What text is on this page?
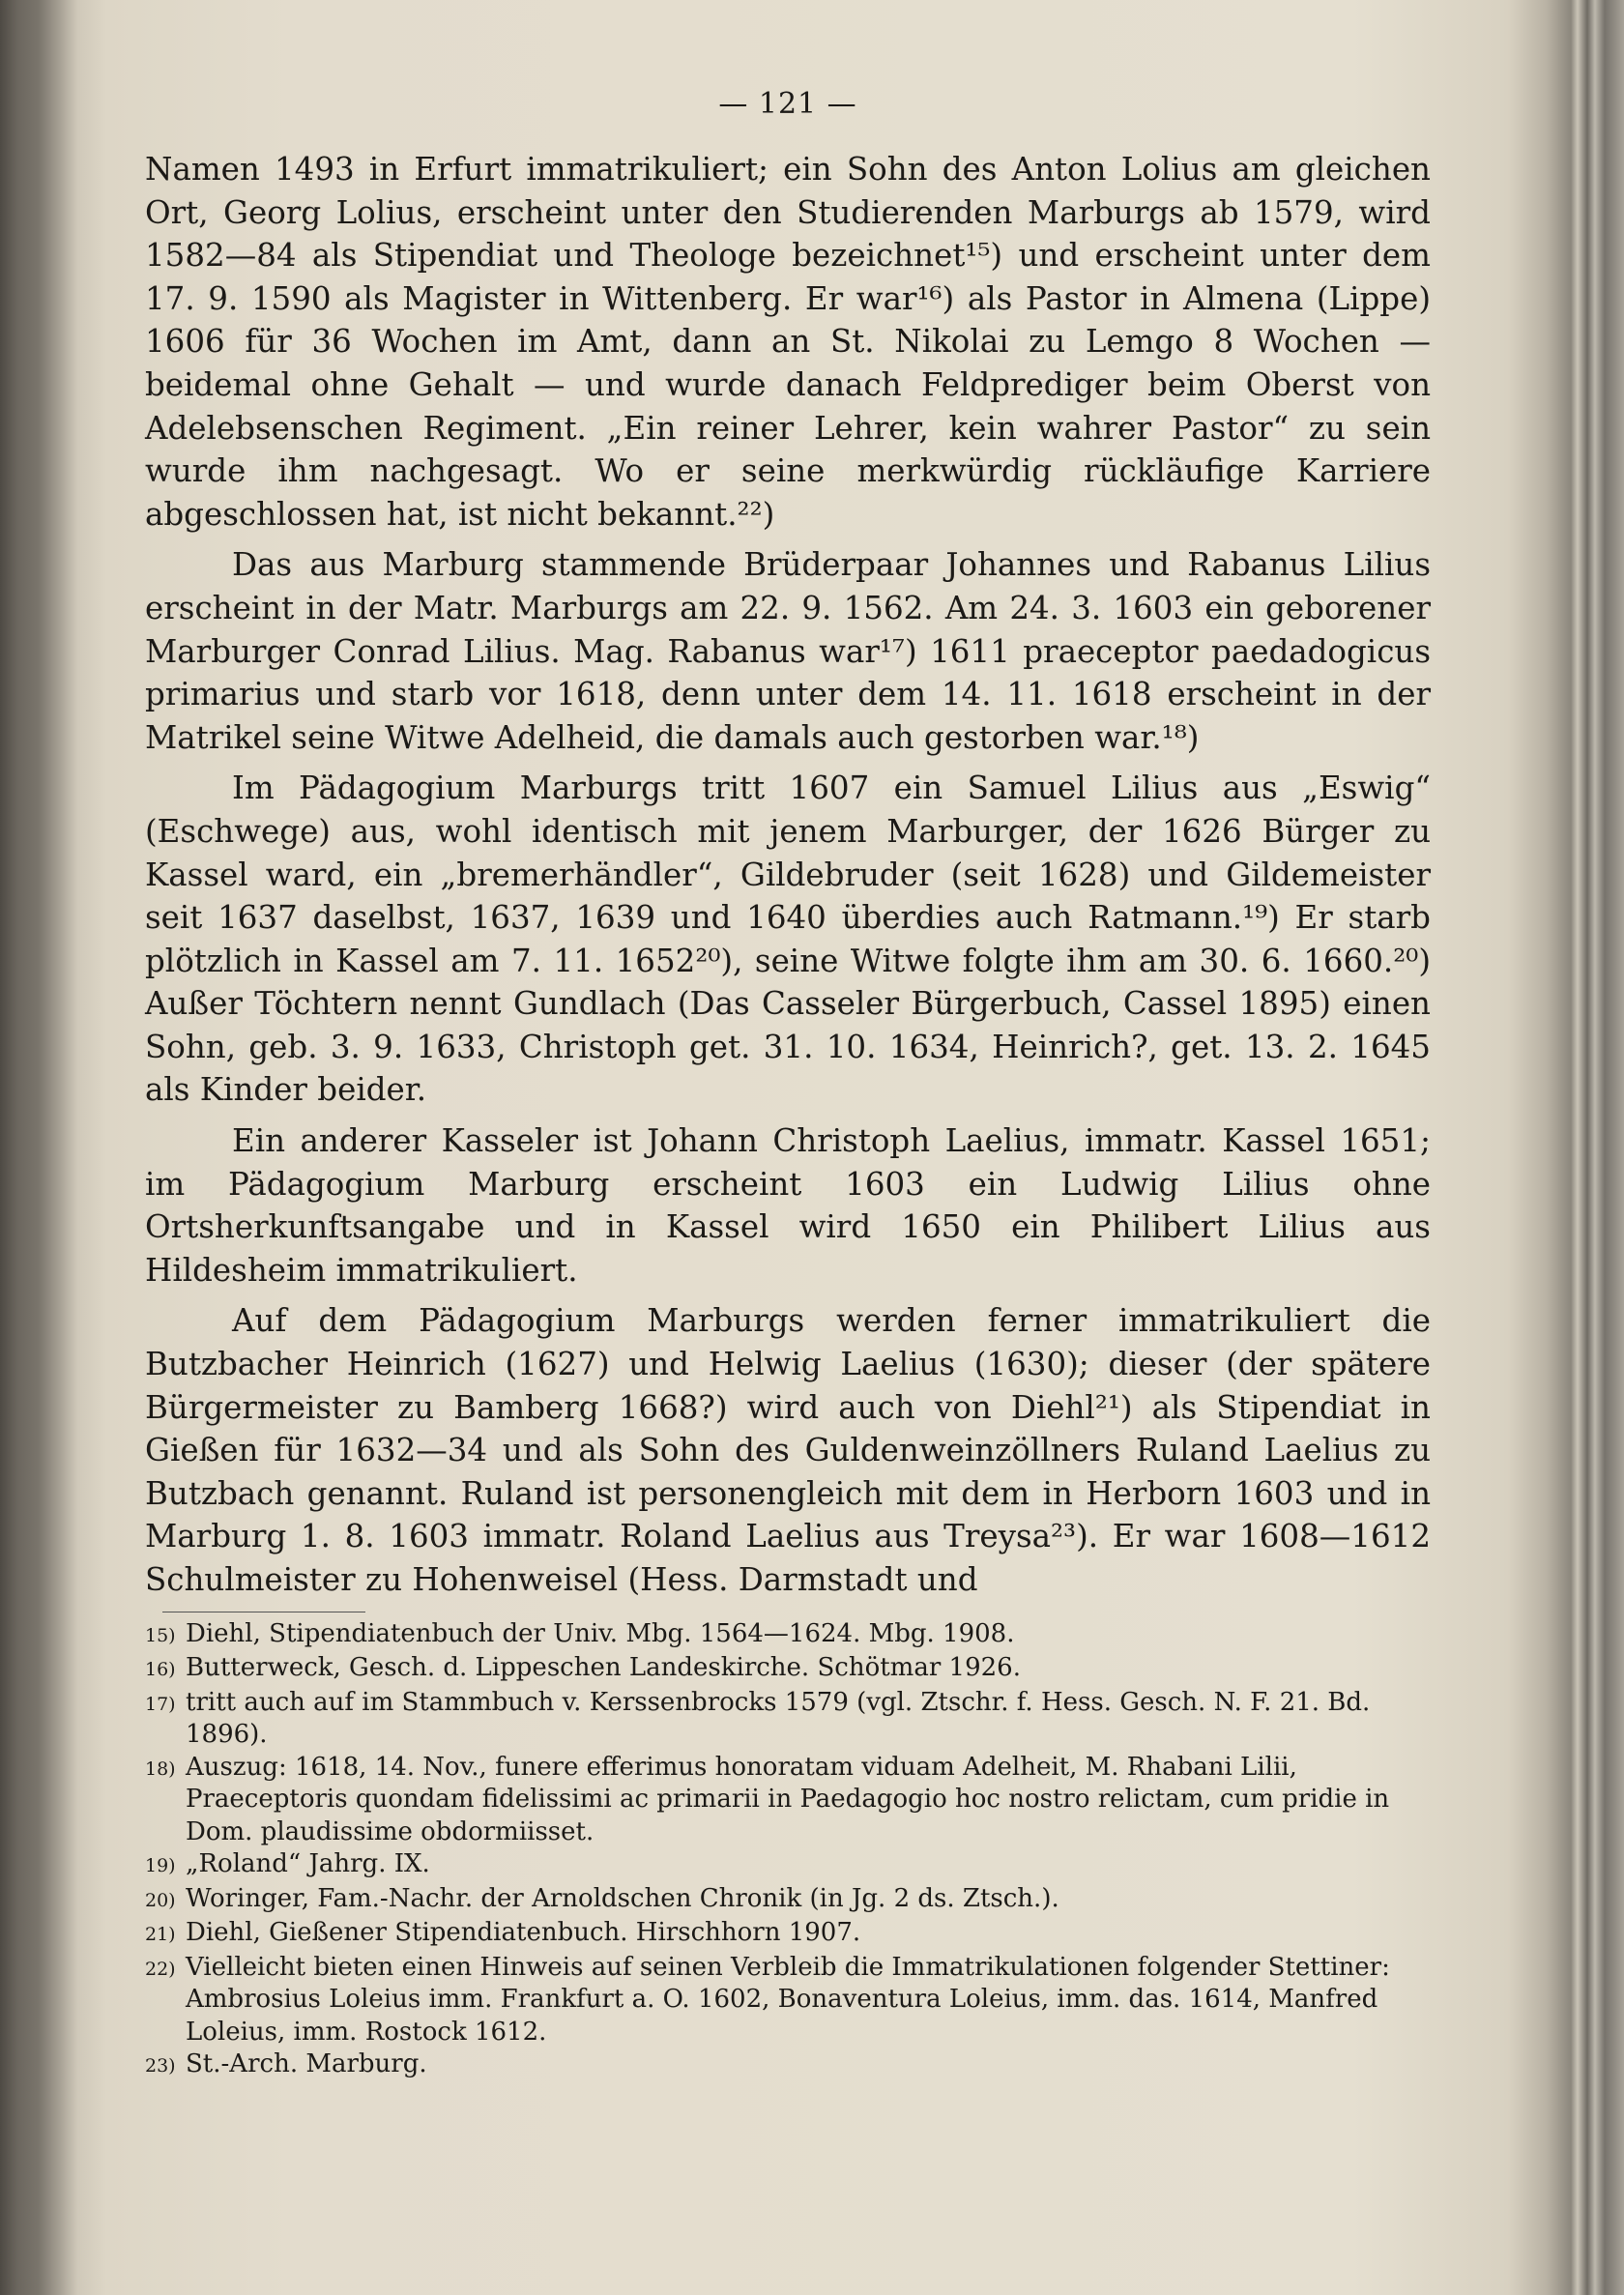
— 121 —

Namen 1493 in Erfurt immatrikuliert; ein Sohn des Anton Lolius am gleichen Ort, Georg Lolius, erscheint unter den Studierenden Marburgs ab 1579, wird 1582—84 als Stipendiat und Theologe bezeichnet¹⁵) und erscheint unter dem 17. 9. 1590 als Magister in Wittenberg. Er war¹⁶) als Pastor in Almena (Lippe) 1606 für 36 Wochen im Amt, dann an St. Nikolai zu Lemgo 8 Wochen — beidemal ohne Gehalt — und wurde danach Feldprediger beim Oberst von Adelebsenschen Regiment. „Ein reiner Lehrer, kein wahrer Pastor“ zu sein wurde ihm nachgesagt. Wo er seine merkwürdig rückläufige Karriere abgeschlossen hat, ist nicht bekannt.²²)

Das aus Marburg stammende Brüderpaar Johannes und Rabanus Lilius erscheint in der Matr. Marburgs am 22. 9. 1562. Am 24. 3. 1603 ein geborener Marburger Conrad Lilius. Mag. Rabanus war¹⁷) 1611 praeceptor paedadogicus primarius und starb vor 1618, denn unter dem 14. 11. 1618 erscheint in der Matrikel seine Witwe Adelheid, die damals auch gestorben war.¹⁸)

Im Pädagogium Marburgs tritt 1607 ein Samuel Lilius aus „Eswig“ (Eschwege) aus, wohl identisch mit jenem Marburger, der 1626 Bürger zu Kassel ward, ein „bremerhändler“, Gildebruder (seit 1628) und Gildemeister seit 1637 daselbst, 1637, 1639 und 1640 überdies auch Ratmann.¹⁹) Er starb plötzlich in Kassel am 7. 11. 1652²⁰), seine Witwe folgte ihm am 30. 6. 1660.²⁰) Außer Töchtern nennt Gundlach (Das Casseler Bürgerbuch, Cassel 1895) einen Sohn, geb. 3. 9. 1633, Christoph get. 31. 10. 1634, Heinrich?, get. 13. 2. 1645 als Kinder beider.

Ein anderer Kasseler ist Johann Christoph Laelius, immatr. Kassel 1651; im Pädagogium Marburg erscheint 1603 ein Ludwig Lilius ohne Ortsherkunftsangabe und in Kassel wird 1650 ein Philibert Lilius aus Hildesheim immatrikuliert.

Auf dem Pädagogium Marburgs werden ferner immatrikuliert die Butzbacher Heinrich (1627) und Helwig Laelius (1630); dieser (der spätere Bürgermeister zu Bamberg 1668?) wird auch von Diehl²¹) als Stipendiat in Gießen für 1632—34 und als Sohn des Guldenweinzöllners Ruland Laelius zu Butzbach genannt. Ruland ist personengleich mit dem in Herborn 1603 und in Marburg 1. 8. 1603 immatr. Roland Laelius aus Treysa²³). Er war 1608—1612 Schulmeister zu Hohenweisel (Hess. Darmstadt und

15) Diehl, Stipendiatenbuch der Univ. Mbg. 1564—1624. Mbg. 1908.
16) Butterweck, Gesch. d. Lippeschen Landeskirche. Schötmar 1926.
17) tritt auch auf im Stammbuch v. Kerssenbrocks 1579 (vgl. Ztschr. f. Hess. Gesch. N. F. 21. Bd. 1896).
18) Auszug: 1618, 14. Nov., funere efferimus honoratam viduam Adelheit, M. Rhabani Lilii, Praeceptoris quondam fidelissimi ac primarii in Paedagogio hoc nostro relictam, cum pridie in Dom. plaudissime obdormiisset.
19) „Roland“ Jahrg. IX.
20) Woringer, Fam.-Nachr. der Arnoldschen Chronik (in Jg. 2 ds. Ztsch.).
21) Diehl, Gießener Stipendiatenbuch. Hirschhorn 1907.
22) Vielleicht bieten einen Hinweis auf seinen Verbleib die Immatrikulationen folgender Stettiner: Ambrosius Loleius imm. Frankfurt a. O. 1602, Bonaventura Loleius, imm. das. 1614, Manfred Loleius, imm. Rostock 1612.
23) St.-Arch. Marburg.
